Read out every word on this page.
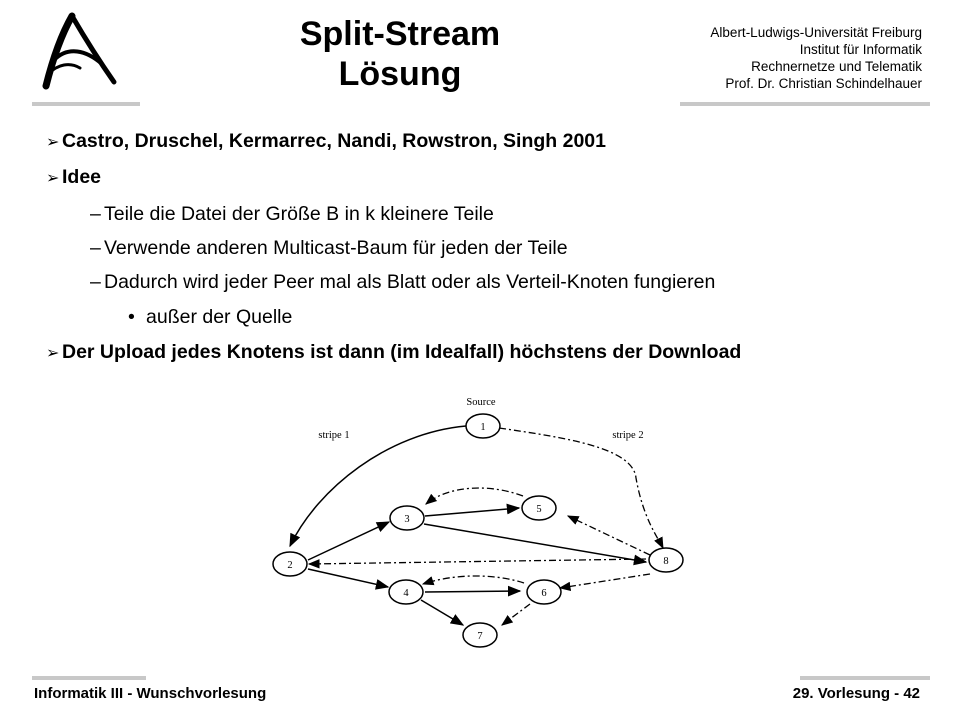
Split-Stream
Lösung
Albert-Ludwigs-Universität Freiburg
Institut für Informatik
Rechnernetze und Telematik
Prof. Dr. Christian Schindelhauer
➢ Castro, Druschel, Kermarrec, Nandi, Rowstron, Singh 2001
➢ Idee
– Teile die Datei der Größe B in k kleinere Teile
– Verwende anderen Multicast-Baum für jeden der Teile
– Dadurch wird jeder Peer mal als Blatt oder als Verteil-Knoten fungieren
• außer der Quelle
➢ Der Upload jedes Knotens ist dann (im Idealfall) höchstens der Download
Source
stripe 1	stripe 2
1
2
3
4
5
6
7
8
Informatik III - Wunschvorlesung	29. Vorlesung - 42
